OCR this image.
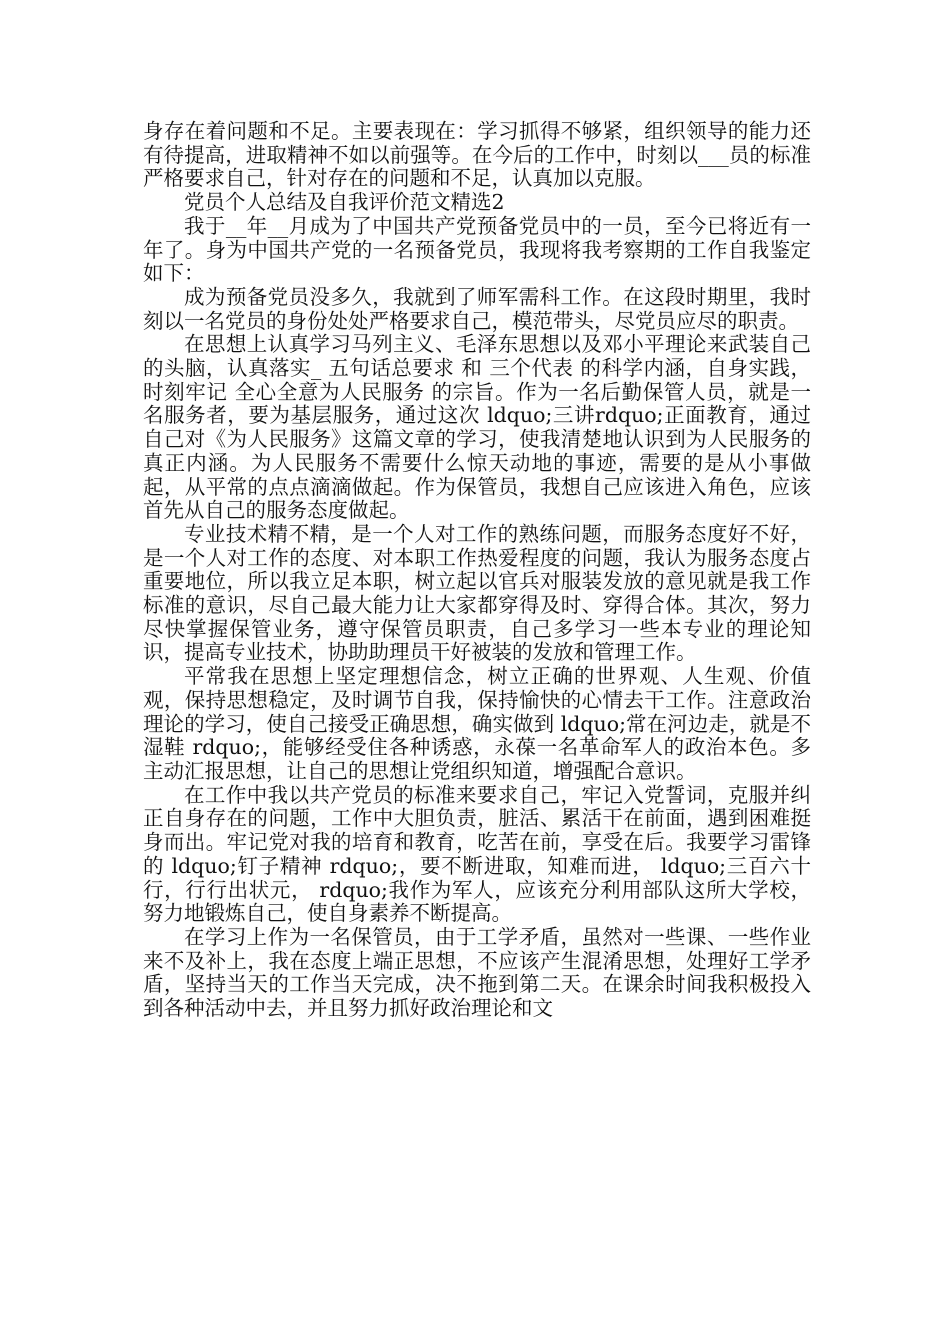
身存在着问题和不足。主要表现在：学习抓得不够紧，组织领导的能力还有待提高，进取精神不如以前强等。在今后的工作中，时刻以___员的标准严格要求自己，针对存在的问题和不足，认真加以克服。

党员个人总结及自我评价范文精选2

我于__年__月成为了中国共产党预备党员中的一员，至今已将近有一年了。身为中国共产党的一名预备党员，我现将我考察期的工作自我鉴定如下：

成为预备党员没多久，我就到了师军需科工作。在这段时期里，我时刻以一名党员的身份处处严格要求自己，模范带头，尽党员应尽的职责。

在思想上认真学习马列主义、毛泽东思想以及邓小平理论来武装自己的头脑，认真落实_ 五句话总要求 和 三个代表 的科学内涵，自身实践，时刻牢记 全心全意为人民服务 的宗旨。作为一名后勤保管人员，就是一名服务者，要为基层服务，通过这次 ldquo;三讲rdquo;正面教育，通过自己对《为人民服务》这篇文章的学习，使我清楚地认识到为人民服务的真正内涵。为人民服务不需要什么惊天动地的事迹，需要的是从小事做起，从平常的点点滴滴做起。作为保管员，我想自己应该进入角色，应该首先从自己的服务态度做起。

专业技术精不精，是一个人对工作的熟练问题，而服务态度好不好，是一个人对工作的态度、对本职工作热爱程度的问题，我认为服务态度占重要地位，所以我立足本职，树立起以官兵对服装发放的意见就是我工作标准的意识，尽自己最大能力让大家都穿得及时、穿得合体。其次，努力尽快掌握保管业务，遵守保管员职责，自己多学习一些本专业的理论知识，提高专业技术，协助助理员干好被装的发放和管理工作。

平常我在思想上坚定理想信念，树立正确的世界观、人生观、价值观，保持思想稳定，及时调节自我，保持愉快的心情去干工作。注意政治理论的学习，使自己接受正确思想，确实做到 ldquo;常在河边走，就是不湿鞋 rdquo;，能够经受住各种诱惑，永葆一名革命军人的政治本色。多主动汇报思想，让自己的思想让党组织知道，增强配合意识。

在工作中我以共产党员的标准来要求自己，牢记入党誓词，克服并纠正自身存在的问题，工作中大胆负责，脏活、累活干在前面，遇到困难挺身而出。牢记党对我的培育和教育，吃苦在前，享受在后。我要学习雷锋的 ldquo;钉子精神 rdquo;，要不断进取，知难而进， ldquo;三百六十行，行行出状元， rdquo;我作为军人，应该充分利用部队这所大学校，努力地锻炼自己，使自身素养不断提高。

在学习上作为一名保管员，由于工学矛盾，虽然对一些课、一些作业来不及补上，我在态度上端正思想，不应该产生混淆思想，处理好工学矛盾，坚持当天的工作当天完成，决不拖到第二天。在课余时间我积极投入到各种活动中去，并且努力抓好政治理论和文
